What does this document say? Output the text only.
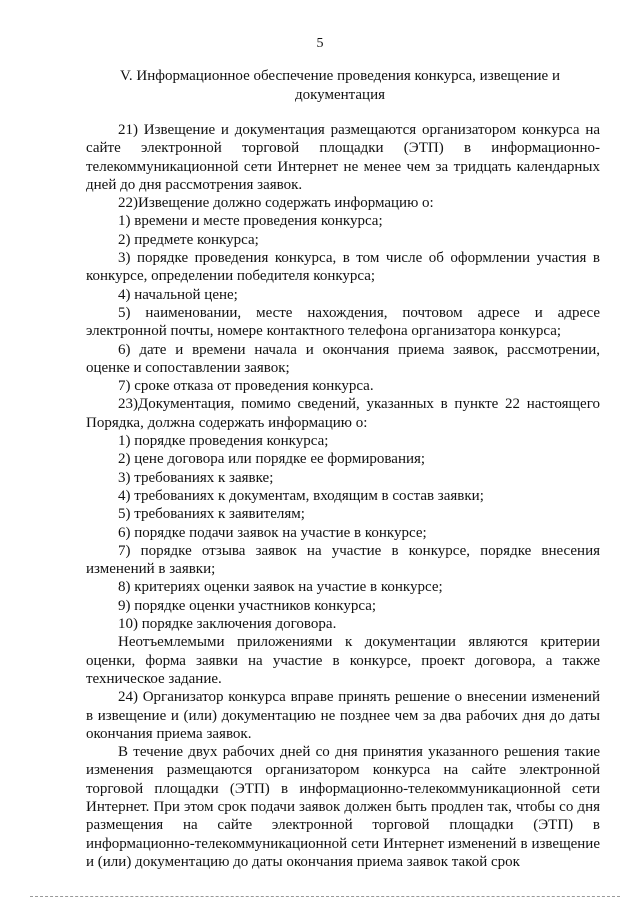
5
V. Информационное обеспечение проведения конкурса, извещение и документация

21) Извещение и документация размещаются организатором конкурса на сайте электронной торговой площадки (ЭТП) в информационно-телекоммуникационной сети Интернет не менее чем за тридцать календарных дней до дня рассмотрения заявок.

22)Извещение должно содержать информацию о:

1) времени и месте проведения конкурса;

2) предмете конкурса;

3) порядке проведения конкурса, в том числе об оформлении участия в конкурсе, определении победителя конкурса;

4) начальной цене;

5) наименовании, месте нахождения, почтовом адресе и адресе электронной почты, номере контактного телефона организатора конкурса;

6) дате и времени начала и окончания приема заявок, рассмотрении, оценке и сопоставлении заявок;

7) сроке отказа от проведения конкурса.

23)Документация, помимо сведений, указанных в пункте 22 настоящего Порядка, должна содержать информацию о:

1) порядке проведения конкурса;

2) цене договора или порядке ее формирования;

3) требованиях к заявке;

4) требованиях к документам, входящим в состав заявки;

5) требованиях к заявителям;

6) порядке подачи заявок на участие в конкурсе;

7) порядке отзыва заявок на участие в конкурсе, порядке внесения изменений в заявки;

8) критериях оценки заявок на участие в конкурсе;

9) порядке оценки участников конкурса;

10) порядке заключения договора.

Неотъемлемыми приложениями к документации являются критерии оценки, форма заявки на участие в конкурсе, проект договора, а также техническое задание.

24) Организатор конкурса вправе принять решение о внесении изменений в извещение и (или) документацию не позднее чем за два рабочих дня до даты окончания приема заявок.

В течение двух рабочих дней со дня принятия указанного решения такие изменения размещаются организатором конкурса на сайте электронной торговой площадки (ЭТП) в информационно-телекоммуникационной сети Интернет. При этом срок подачи заявок должен быть продлен так, чтобы со дня размещения на сайте электронной торговой площадки (ЭТП) в информационно-телекоммуникационной сети Интернет изменений в извещение и (или) документацию до даты окончания приема заявок такой срок
